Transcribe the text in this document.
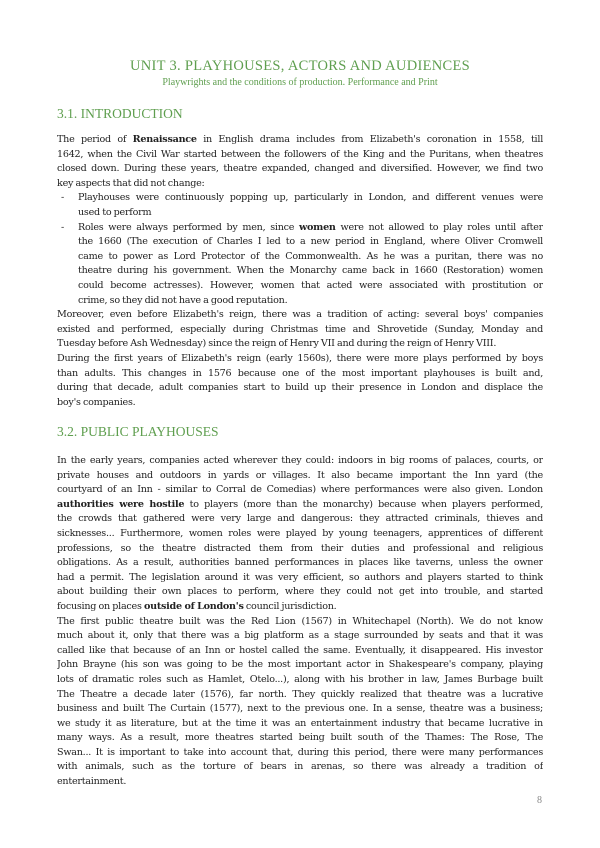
UNIT 3. PLAYHOUSES, ACTORS AND AUDIENCES
Playwrights and the conditions of production. Performance and Print
3.1. INTRODUCTION
The period of Renaissance in English drama includes from Elizabeth's coronation in 1558, till
1642, when the Civil War started between the followers of the King and the Puritans, when theatres
closed down. During these years, theatre expanded, changed and diversified. However, we find two
key aspects that did not change:
- Playhouses were continuously popping up, particularly in London, and different venues were
used to perform
- Roles were always performed by men, since women were not allowed to play roles until after
the 1660 (The execution of Charles I led to a new period in England, where Oliver Cromwell
came to power as Lord Protector of the Commonwealth. As he was a puritan, there was no
theatre during his government. When the Monarchy came back in 1660 (Restoration) women
could become actresses). However, women that acted were associated with prostitution or
crime, so they did not have a good reputation.
Moreover, even before Elizabeth's reign, there was a tradition of acting: several boys' companies
existed and performed, especially during Christmas time and Shrovetide (Sunday, Monday and
Tuesday before Ash Wednesday) since the reign of Henry VII and during the reign of Henry VIII.
During the first years of Elizabeth's reign (early 1560s), there were more plays performed by boys
than adults. This changes in 1576 because one of the most important playhouses is built and,
during that decade, adult companies start to build up their presence in London and displace the
boy's companies.
3.2. PUBLIC PLAYHOUSES
In the early years, companies acted wherever they could: indoors in big rooms of palaces, courts, or
private houses and outdoors in yards or villages. It also became important the Inn yard (the
courtyard of an Inn - similar to Corral de Comedias) where performances were also given. London
authorities were hostile to players (more than the monarchy) because when players performed,
the crowds that gathered were very large and dangerous: they attracted criminals, thieves and
sicknesses... Furthermore, women roles were played by young teenagers, apprentices of different
professions, so the theatre distracted them from their duties and professional and religious
obligations. As a result, authorities banned performances in places like taverns, unless the owner
had a permit. The legislation around it was very efficient, so authors and players started to think
about building their own places to perform, where they could not get into trouble, and started
focusing on places outside of London's council jurisdiction.
The first public theatre built was the Red Lion (1567) in Whitechapel (North). We do not know
much about it, only that there was a big platform as a stage surrounded by seats and that it was
called like that because of an Inn or hostel called the same. Eventually, it disappeared. His investor
John Brayne (his son was going to be the most important actor in Shakespeare's company, playing
lots of dramatic roles such as Hamlet, Otelo...), along with his brother in law, James Burbage built
The Theatre a decade later (1576), far north. They quickly realized that theatre was a lucrative
business and built The Curtain (1577), next to the previous one. In a sense, theatre was a business;
we study it as literature, but at the time it was an entertainment industry that became lucrative in
many ways. As a result, more theatres started being built south of the Thames: The Rose, The
Swan... It is important to take into account that, during this period, there were many performances
with animals, such as the torture of bears in arenas, so there was already a tradition of
entertainment.
8
